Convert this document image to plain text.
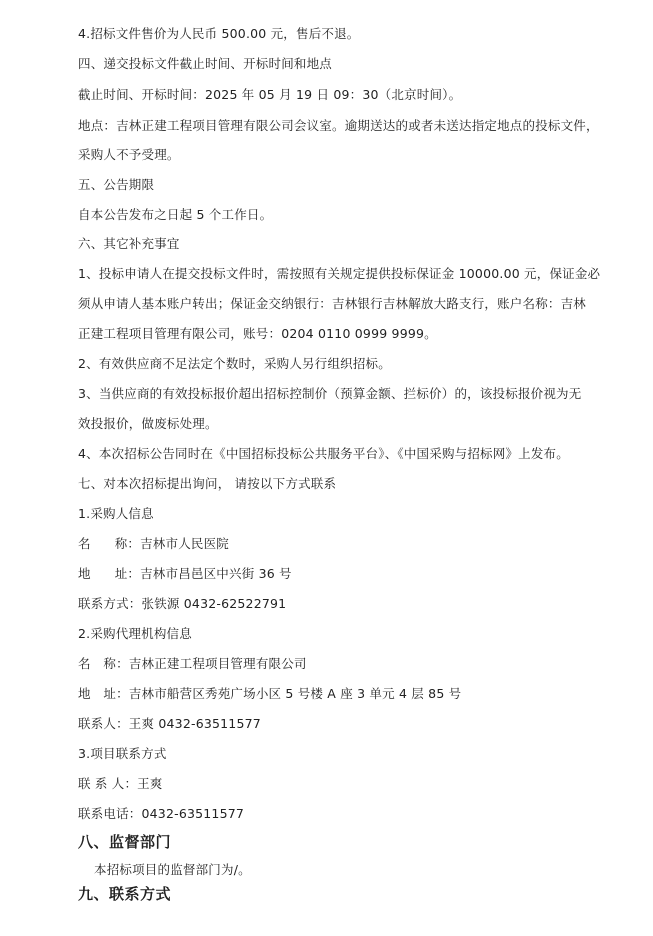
4.招标文件售价为人民币 500.00 元，售后不退。
四、递交投标文件截止时间、开标时间和地点
截止时间、开标时间：2025 年 05 月 19 日 09：30（北京时间）。
地点：吉林正建工程项目管理有限公司会议室。逾期送达的或者未送达指定地点的投标文件，
采购人不予受理。
五、公告期限
自本公告发布之日起 5 个工作日。
六、其它补充事宜
1、投标申请人在提交投标文件时，需按照有关规定提供投标保证金 10000.00 元，保证金必
须从申请人基本账户转出；保证金交纳银行：吉林银行吉林解放大路支行，账户名称：吉林
正建工程项目管理有限公司，账号：0204 0110 0999 9999。
2、有效供应商不足法定个数时，采购人另行组织招标。
3、当供应商的有效投标报价超出招标控制价（预算金额、拦标价）的，该投标报价视为无
效投报价，做废标处理。
4、本次招标公告同时在《中国招标投标公共服务平台》、《中国采购与招标网》上发布。
七、对本次招标提出询问， 请按以下方式联系
1.采购人信息
名 称：吉林市人民医院
地 址：吉林市昌邑区中兴街 36 号
联系方式：张铁源 0432-62522791
2.采购代理机构信息
名　称：吉林正建工程项目管理有限公司
地　址：吉林市船营区秀苑广场小区 5 号楼 A 座 3 单元 4 层 85 号
联系人：王爽 0432-63511577
3.项目联系方式
联 系 人：王爽
联系电话：0432-63511577
八、监督部门
本招标项目的监督部门为/。
九、联系方式
